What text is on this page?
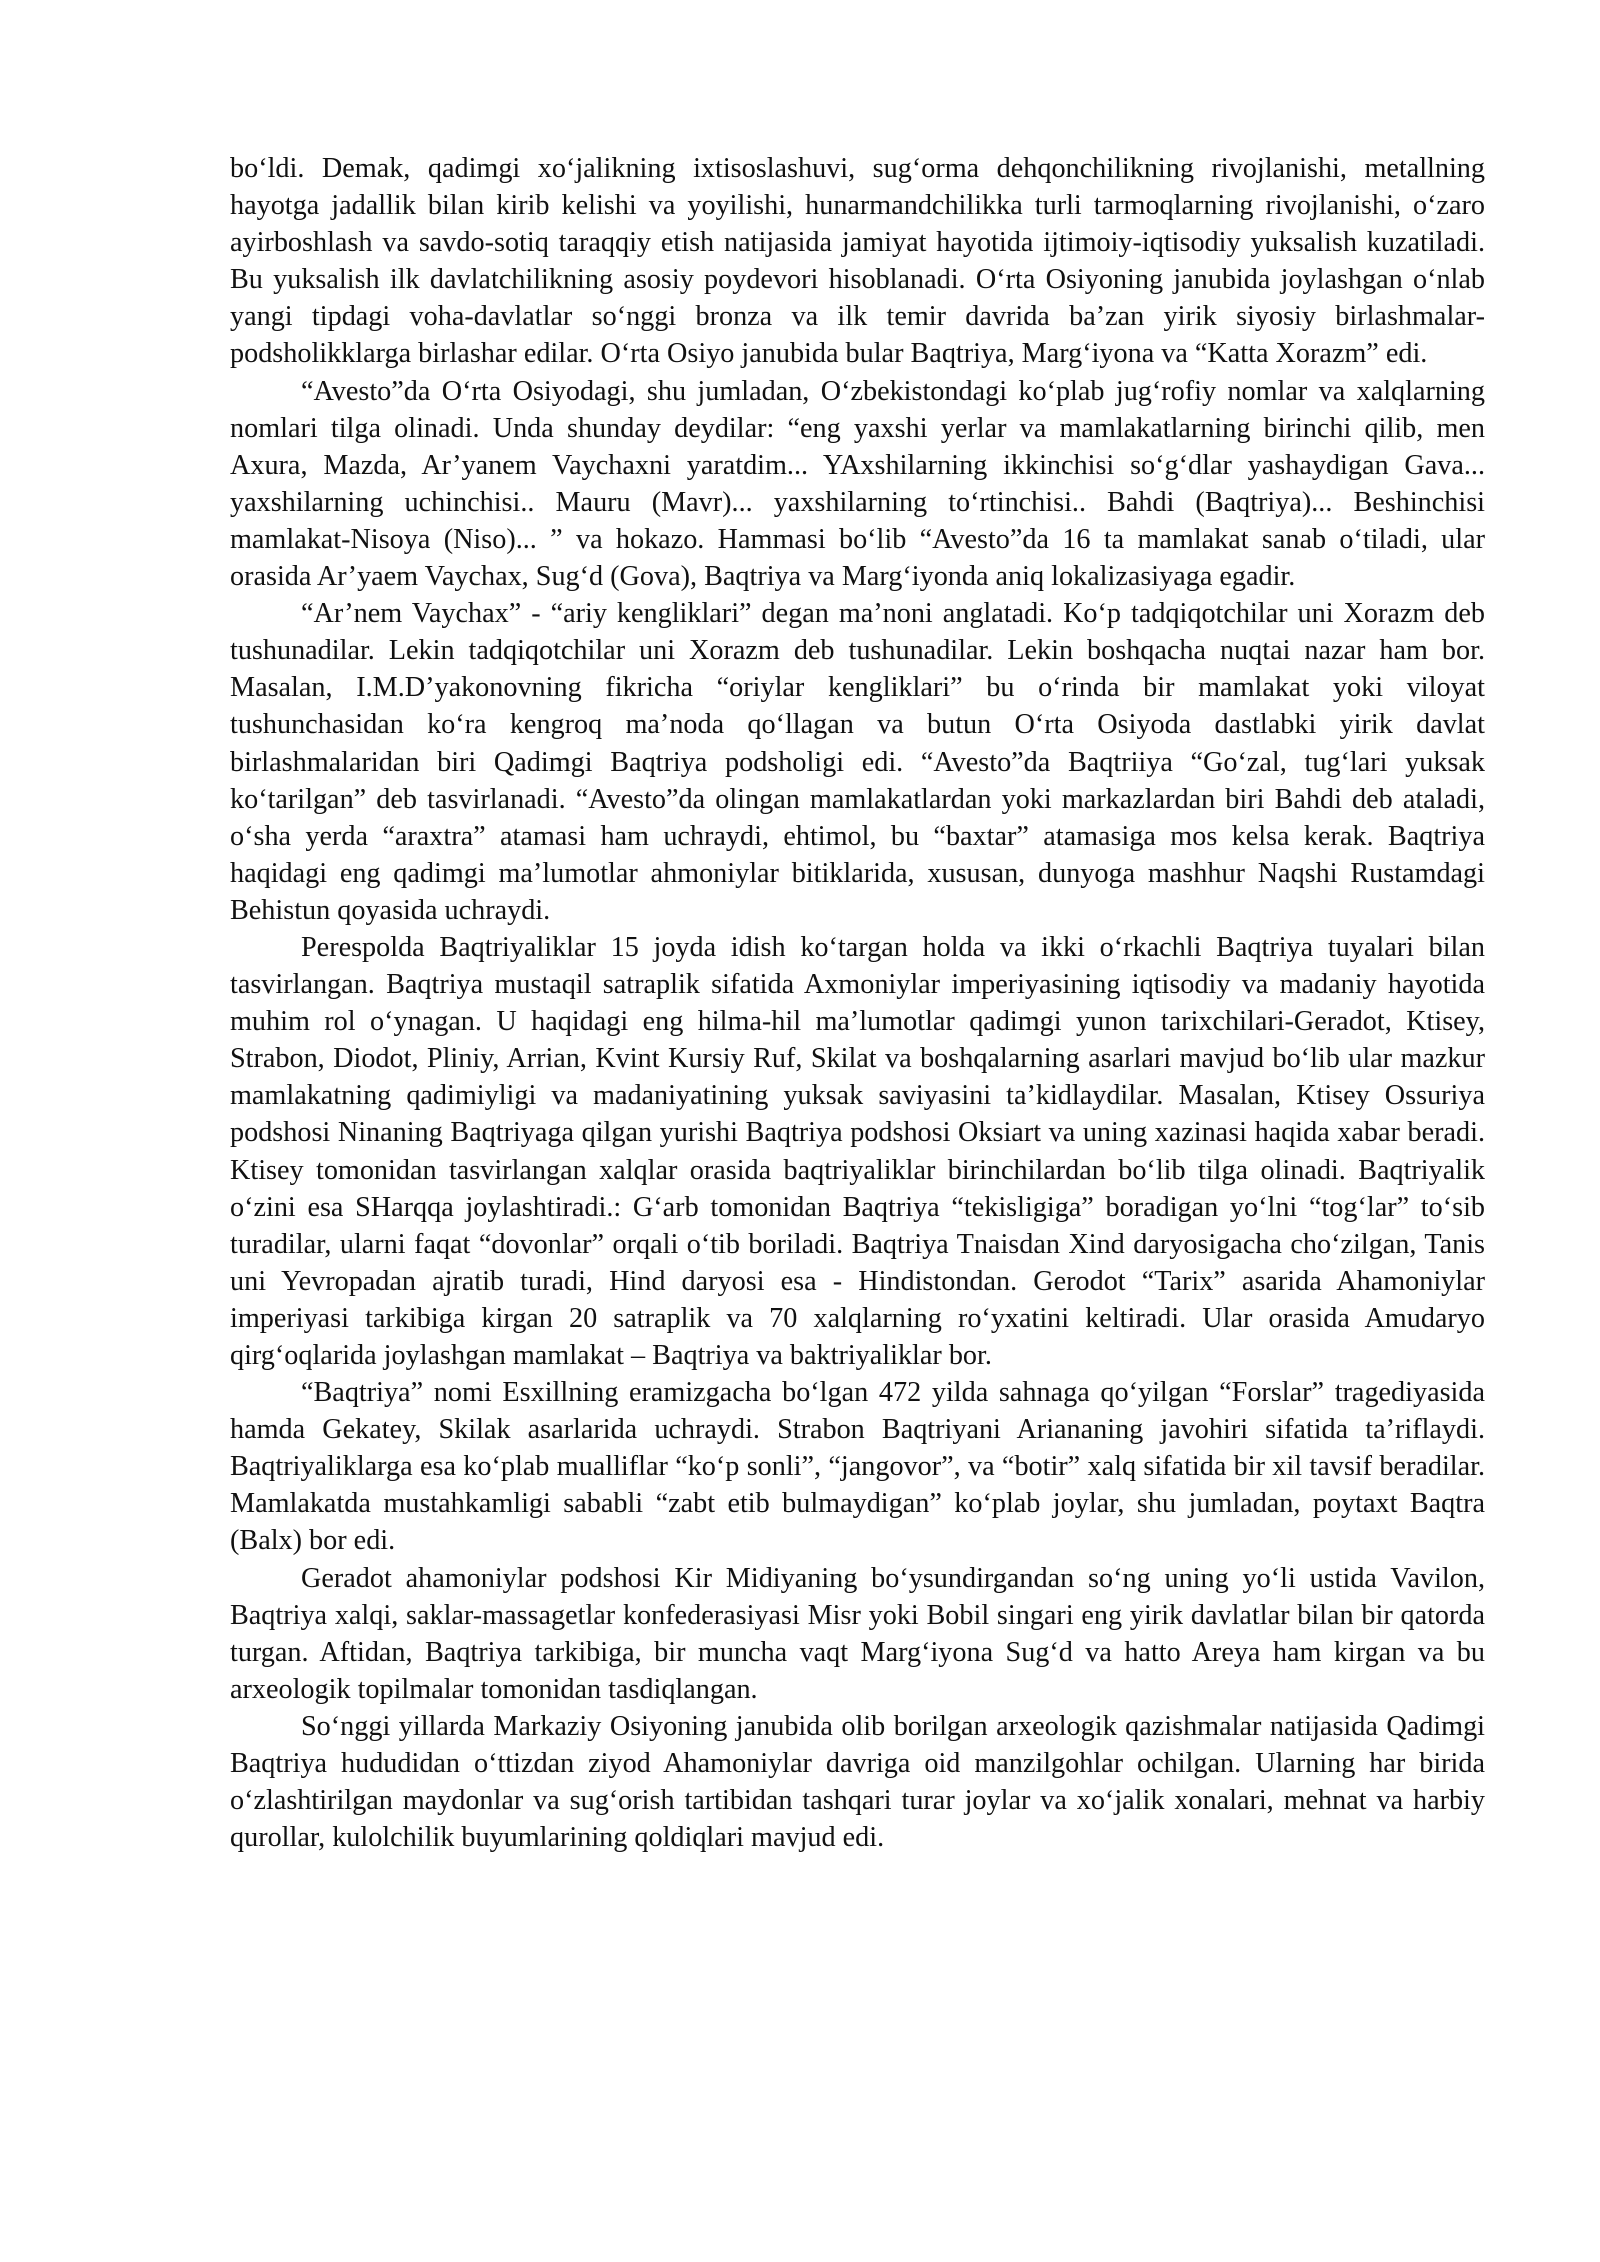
bo‘ldi. Demak, qadimgi xo‘jalikning ixtisoslashuvi, sug‘orma dehqonchilikning rivojlanishi, metallning hayotga jadallik bilan kirib kelishi va yoyilishi, hunarmandchilikka turli tarmoqlarning rivojlanishi, o‘zaro ayirboshlash va savdo-sotiq taraqqiy etish natijasida jamiyat hayotida ijtimoiy-iqtisodiy yuksalish kuzatiladi. Bu yuksalish ilk davlatchilikning asosiy poydevori hisoblanadi. O‘rta Osiyoning janubida joylashgan o‘nlab yangi tipdagi voha-davlatlar so‘nggi bronza va ilk temir davrida ba’zan yirik siyosiy birlashmalar-podsholikklarga birlashar edilar. O‘rta Osiyo janubida bular Baqtriya, Marg‘iyona va “Katta Xorazm” edi.

“Avesto”da O‘rta Osiyodagi, shu jumladan, O‘zbekistondagi ko‘plab jug‘rofiy nomlar va xalqlarning nomlari tilga olinadi. Unda shunday deydilar: “eng yaxshi yerlar va mamlakatlarning birinchi qilib, men Axura, Mazda, Ar’yanem Vaychaxni yaratdim... YAxshilarning ikkinchisi so‘g‘dlar yashaydigan Gava... yaxshilarning uchinchisi.. Mauru (Mavr)... yaxshilarning to‘rtinchisi.. Bahdi (Baqtriya)... Beshinchisi mamlakat-Nisoya (Niso)... ” va hokazo. Hammasi bo‘lib “Avesto”da 16 ta mamlakat sanab o‘tiladi, ular orasida Ar’yaem Vaychax, Sug‘d (Gova), Baqtriya va Marg‘iyonda aniq lokalizasiyaga egadir.

“Ar’nem Vaychax” - “ariy kengliklari” degan ma’noni anglatadi. Ko‘p tadqiqotchilar uni Xorazm deb tushunadilar. Lekin tadqiqotchilar uni Xorazm deb tushunadilar. Lekin boshqacha nuqtai nazar ham bor. Masalan, I.M.D’yakonovning fikricha “oriylar kengliklari” bu o‘rinda bir mamlakat yoki viloyat tushunchasidan ko‘ra kengroq ma’noda qo‘llagan va butun O‘rta Osiyoda dastlabki yirik davlat birlashmalaridan biri Qadimgi Baqtriya podsholigi edi. “Avesto”da Baqtriiya “Go‘zal, tug‘lari yuksak ko‘tarilgan” deb tasvirlanadi. “Avesto”da olingan mamlakatlardan yoki markazlardan biri Bahdi deb ataladi, o‘sha yerda “araxtra” atamasi ham uchraydi, ehtimol, bu “baxtar” atamasiga mos kelsa kerak. Baqtriya haqidagi eng qadimgi ma’lumotlar ahmoniylar bitiklarida, xususan, dunyoga mashhur Naqshi Rustamdagi Behistun qoyasida uchraydi.

Perespolda Baqtriyaliklar 15 joyda idish ko‘targan holda va ikki o‘rkachli Baqtriya tuyalari bilan tasvirlangan. Baqtriya mustaqil satraplik sifatida Axmoniylar imperiyasining iqtisodiy va madaniy hayotida muhim rol o‘ynagan. U haqidagi eng hilma-hil ma’lumotlar qadimgi yunon tarixchilari-Geradot, Ktisey, Strabon, Diodot, Pliniy, Arrian, Kvint Kursiy Ruf, Skilat va boshqalarning asarlari mavjud bo‘lib ular mazkur mamlakatning qadimiyligi va madaniyatining yuksak saviyasini ta’kidlaydilar. Masalan, Ktisey Ossuriya podshosi Ninaning Baqtriyaga qilgan yurishi Baqtriya podshosi Oksiart va uning xazinasi haqida xabar beradi. Ktisey tomonidan tasvirlangan xalqlar orasida baqtriyaliklar birinchilardan bo‘lib tilga olinadi. Baqtriyalik o‘zini esa SHarqqa joylashtiradi.: G‘arb tomonidan Baqtriya “tekisligiga” boradigan yo‘lni “tog‘lar” to‘sib turadilar, ularni faqat “dovonlar” orqali o‘tib boriladi. Baqtriya Tnaisdan Xind daryosigacha cho‘zilgan, Tanis uni Yevropadan ajratib turadi, Hind daryosi esa - Hindistondan. Gerodot “Tarix” asarida Ahamoniylar imperiyasi tarkibiga kirgan 20 satraplik va 70 xalqlarning ro‘yxatini keltiradi. Ular orasida Amudaryo qirg‘oqlarida joylashgan mamlakat – Baqtriya va baktriyaliklar bor.

“Baqtriya” nomi Esxillning eramizgacha bo‘lgan 472 yilda sahnaga qo‘yilgan “Forslar” tragediyasida hamda Gekatey, Skilak asarlarida uchraydi. Strabon Baqtriyani Ariananing javohiri sifatida ta’riflaydi. Baqtriyaliklarga esa ko‘plab mualliflar “ko‘p sonli”, “jangovor”, va “botir” xalq sifatida bir xil tavsif beradilar. Mamlakatda mustahkamligi sababli “zabt etib bulmaydigan” ko‘plab joylar, shu jumladan, poytaxt Baqtra (Balx) bor edi.

Geradot ahamoniylar podshosi Kir Midiyaning bo‘ysundirgandan so‘ng uning yo‘li ustida Vavilon, Baqtriya xalqi, saklar-massagetlar konfederasiyasi Misr yoki Bobil singari eng yirik davlatlar bilan bir qatorda turgan. Aftidan, Baqtriya tarkibiga, bir muncha vaqt Marg‘iyona Sug‘d va hatto Areya ham kirgan va bu arxeologik topilmalar tomonidan tasdiqlangan.

So‘nggi yillarda Markaziy Osiyoning janubida olib borilgan arxeologik qazishmalar natijasida Qadimgi Baqtriya hududidan o‘ttizdan ziyod Ahamoniylar davriga oid manzilgohlar ochilgan. Ularning har birida o‘zlashtirilgan maydonlar va sug‘orish tartibidan tashqari turar joylar va xo‘jalik xonalari, mehnat va harbiy qurollar, kulolchilik buyumlarining qoldiqlari mavjud edi.
